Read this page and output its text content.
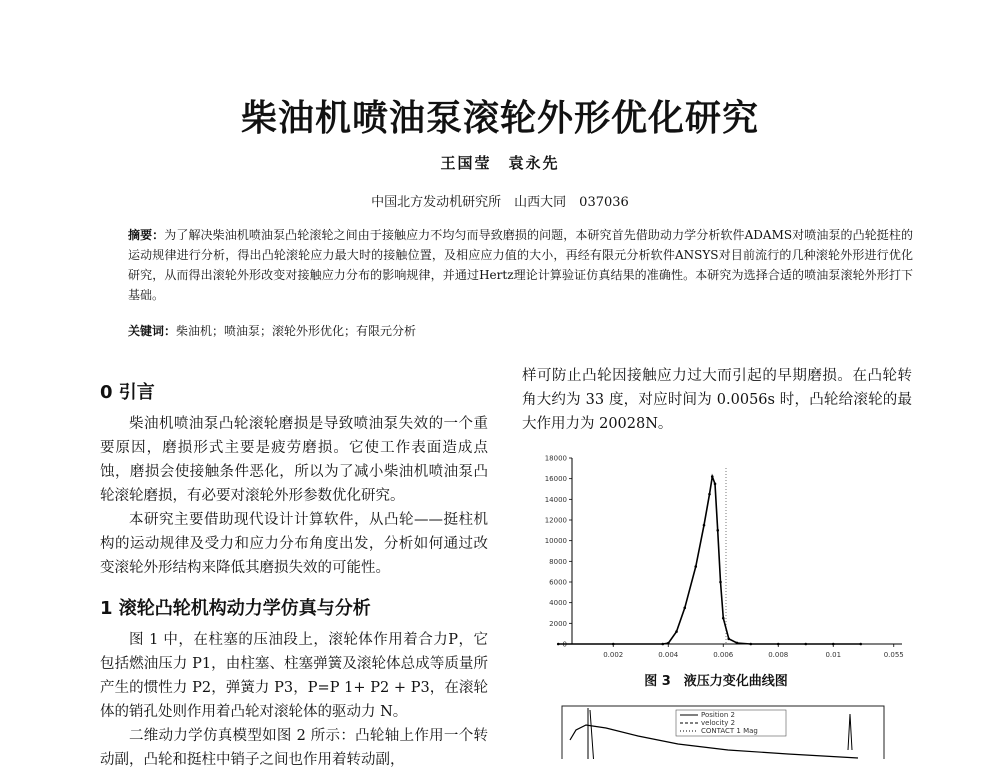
柴油机喷油泵滚轮外形优化研究
王国莹　袁永先
中国北方发动机研究所　山西大同　037036

摘要：为了解决柴油机喷油泵凸轮滚轮之间由于接触应力不均匀而导致磨损的问题，本研究首先借助动力学分析软件ADAMS对喷油泵的凸轮挺柱的运动规律进行分析，得出凸轮滚轮应力最大时的接触位置，及相应应力值的大小，再经有限元分析软件ANSYS对目前流行的几种滚轮外形进行优化研究，从而得出滚轮外形改变对接触应力分布的影响规律，并通过Hertz理论计算验证仿真结果的准确性。本研究为选择合适的喷油泵滚轮外形打下基础。

关键词：柴油机；喷油泵；滚轮外形优化；有限元分析
0 引言

柴油机喷油泵凸轮滚轮磨损是导致喷油泵失效的一个重要原因，磨损形式主要是疲劳磨损。它使工作表面造成点蚀，磨损会使接触条件恶化，所以为了减小柴油机喷油泵凸轮滚轮磨损，有必要对滚轮外形参数优化研究。

本研究主要借助现代设计计算软件，从凸轮——挺柱机构的运动规律及受力和应力分布角度出发，分析如何通过改变滚轮外形结构来降低其磨损失效的可能性。

1 滚轮凸轮机构动力学仿真与分析

图 1 中，在柱塞的压油段上，滚轮体作用着合力P，它包括燃油压力 P1，由柱塞、柱塞弹簧及滚轮体总成等质量所产生的惯性力 P2，弹簧力 P3，P=P 1+ P2 + P3，在滚轮体的销孔处则作用着凸轮对滚轮体的驱动力 N。

二维动力学仿真模型如图 2 所示：凸轮轴上作用一个转动副，凸轮和挺柱中销子之间也作用着转动副，

样可防止凸轮因接触应力过大而引起的早期磨损。在凸轮转角大约为 33 度，对应时间为 0.0056s 时，凸轮给滚轮的最大作用力为 20028N。

0
2000
4000
6000
8000
10000
12000
14000
16000
18000
0.002	0.004	0.006	0.008	0.01	0.055
图 3　液压力变化曲线图
Position 2
velocity 2
CONTACT 1 Mag
